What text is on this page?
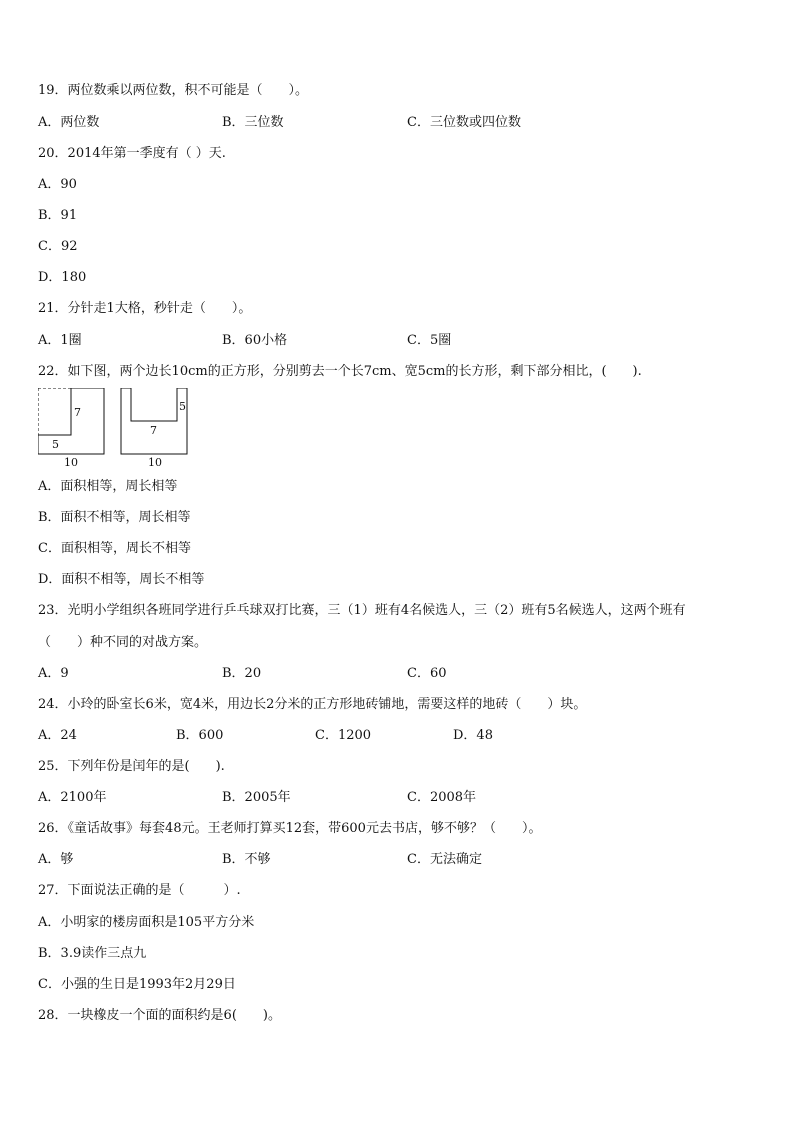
19．两位数乘以两位数，积不可能是（　　）。
A．两位数	B．三位数	C．三位数或四位数
20．2014年第一季度有（ ）天.
A．90
B．91
C．92
D．180
21．分针走1大格，秒针走（　　）。
A．1圈	B．60小格	C．5圈
22．如下图，两个边长10cm的正方形，分别剪去一个长7cm、宽5cm的长方形，剩下部分相比，(　　).
7
5
10
5
7
10
A．面积相等，周长相等
B．面积不相等，周长相等
C．面积相等，周长不相等
D．面积不相等，周长不相等
23．光明小学组织各班同学进行乒乓球双打比赛，三（1）班有4名候选人，三（2）班有5名候选人，这两个班有
（　　）种不同的对战方案。
A．9	B．20	C．60
24．小玲的卧室长6米，宽4米，用边长2分米的正方形地砖铺地，需要这样的地砖（　　）块。
A．24	B．600	C．1200	D．48
25．下列年份是闰年的是(　　).
A．2100年	B．2005年	C．2008年
26．《童话故事》每套48元。王老师打算买12套，带600元去书店，够不够？（　　）。
A．够	B．不够	C．无法确定
27．下面说法正确的是（　　　）.
A．小明家的楼房面积是105平方分米
B．3.9读作三点九
C．小强的生日是1993年2月29日
28．一块橡皮一个面的面积约是6(　　)。
